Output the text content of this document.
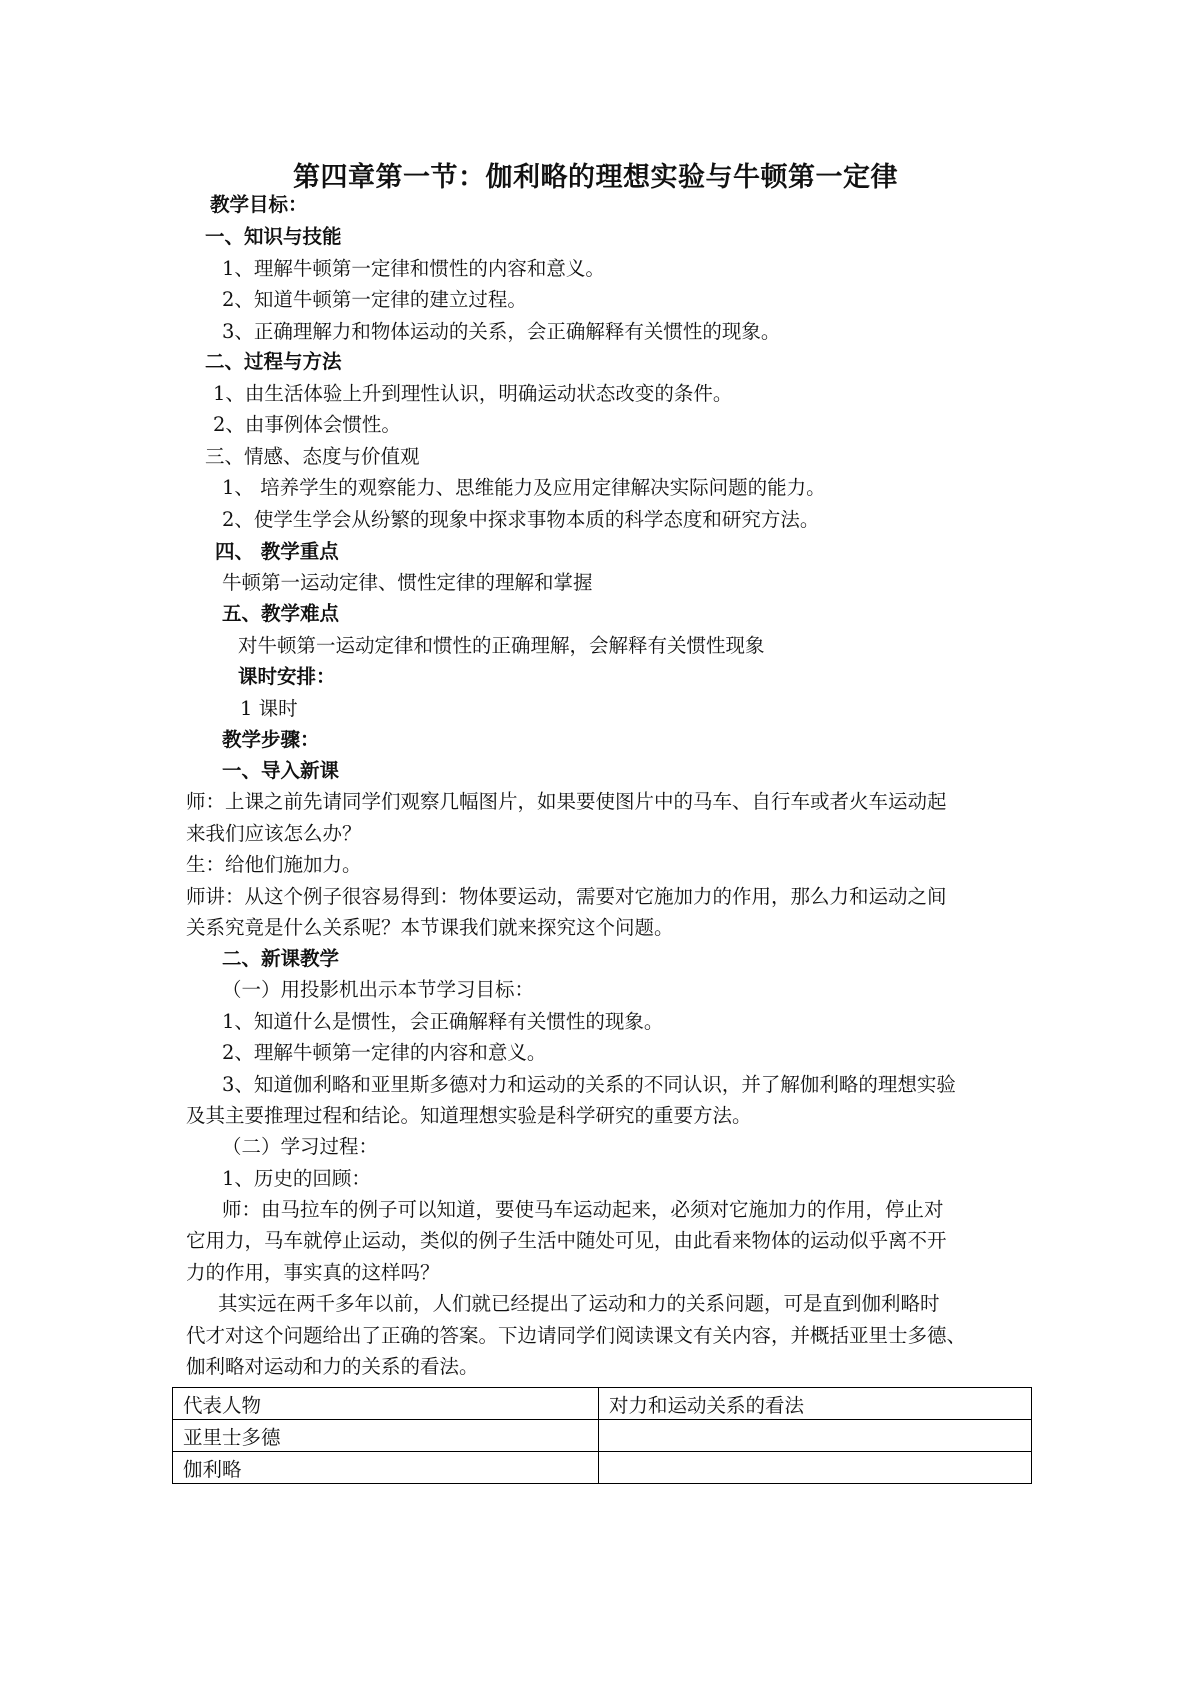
第四章第一节：伽利略的理想实验与牛顿第一定律
教学目标：
一、知识与技能
1、理解牛顿第一定律和惯性的内容和意义。
2、知道牛顿第一定律的建立过程。
3、正确理解力和物体运动的关系，会正确解释有关惯性的现象。
二、过程与方法
1、由生活体验上升到理性认识，明确运动状态改变的条件。
2、由事例体会惯性。
三、情感、态度与价值观
1、 培养学生的观察能力、思维能力及应用定律解决实际问题的能力。
2、使学生学会从纷繁的现象中探求事物本质的科学态度和研究方法。
四、 教学重点
牛顿第一运动定律、惯性定律的理解和掌握
五、教学难点
对牛顿第一运动定律和惯性的正确理解，会解释有关惯性现象
课时安排：
1 课时
教学步骤：
一、导入新课
师：上课之前先请同学们观察几幅图片，如果要使图片中的马车、自行车或者火车运动起
来我们应该怎么办？
生：给他们施加力。
师讲：从这个例子很容易得到：物体要运动，需要对它施加力的作用，那么力和运动之间
关系究竟是什么关系呢？本节课我们就来探究这个问题。
二、新课教学
（一）用投影机出示本节学习目标：
1、知道什么是惯性，会正确解释有关惯性的现象。
2、理解牛顿第一定律的内容和意义。
3、知道伽利略和亚里斯多德对力和运动的关系的不同认识，并了解伽利略的理想实验
及其主要推理过程和结论。知道理想实验是科学研究的重要方法。
（二）学习过程：
1、历史的回顾：
师：由马拉车的例子可以知道，要使马车运动起来，必须对它施加力的作用，停止对
它用力，马车就停止运动，类似的例子生活中随处可见，由此看来物体的运动似乎离不开
力的作用，事实真的这样吗？
其实远在两千多年以前，人们就已经提出了运动和力的关系问题，可是直到伽利略时
代才对这个问题给出了正确的答案。下边请同学们阅读课文有关内容，并概括亚里士多德、
伽利略对运动和力的关系的看法。
代表人物	对力和运动关系的看法
亚里士多德	
伽利略	
